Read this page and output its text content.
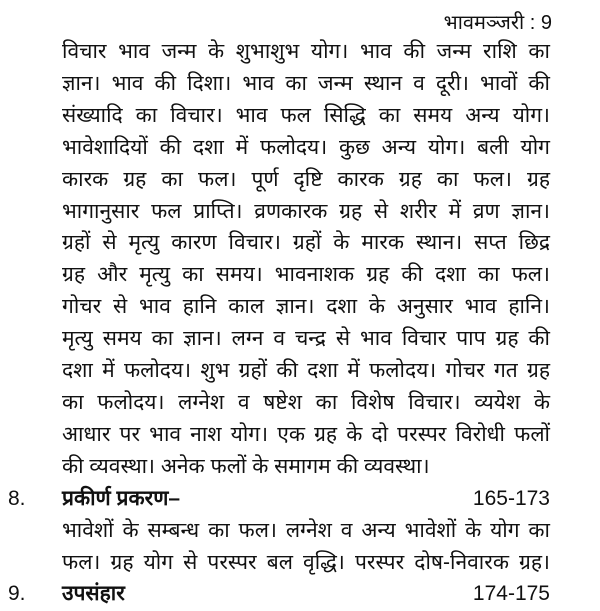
भावमञ्जरी : 9
विचार भाव जन्म के शुभाशुभ योग। भाव की जन्म राशि का
ज्ञान। भाव की दिशा। भाव का जन्म स्थान व दूरी। भावों की
संख्यादि का विचार। भाव फल सिद्धि का समय अन्य योग।
भावेशादियों की दशा में फलोदय। कुछ अन्य योग। बली योग
कारक ग्रह का फल। पूर्ण दृष्टि कारक ग्रह का फल। ग्रह
भागानुसार फल प्राप्ति। व्रणकारक ग्रह से शरीर में व्रण ज्ञान।
ग्रहों से मृत्यु कारण विचार। ग्रहों के मारक स्थान। सप्त छिद्र
ग्रह और मृत्यु का समय। भावनाशक ग्रह की दशा का फल।
गोचर से भाव हानि काल ज्ञान। दशा के अनुसार भाव हानि।
मृत्यु समय का ज्ञान। लग्न व चन्द्र से भाव विचार पाप ग्रह की
दशा में फलोदय। शुभ ग्रहों की दशा में फलोदय। गोचर गत ग्रह
का फलोदय। लग्नेश व षष्टेश का विशेष विचार। व्ययेश के
आधार पर भाव नाश योग। एक ग्रह के दो परस्पर विरोधी फलों
की व्यवस्था। अनेक फलों के समागम की व्यवस्था।
8. प्रकीर्ण प्रकरण–	165-173
भावेशों के सम्बन्ध का फल। लग्नेश व अन्य भावेशों के योग का
फल। ग्रह योग से परस्पर बल वृद्धि। परस्पर दोष-निवारक ग्रह।
9. उपसंहार	174-175
